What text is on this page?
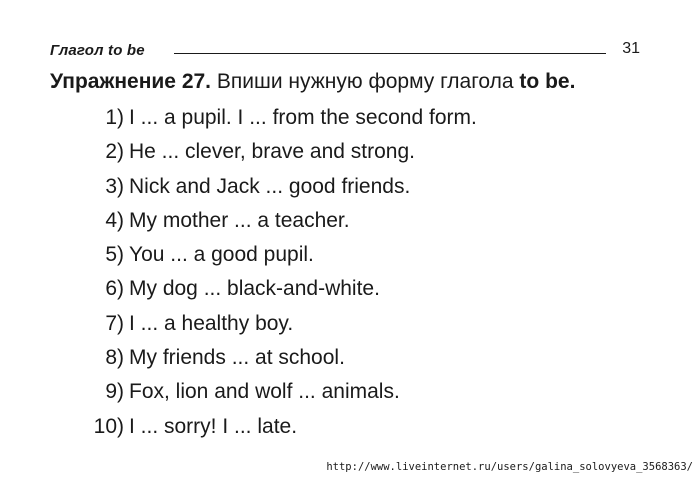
Глагол to be	31
Упражнение 27. Впиши нужную форму глагола to be.
1) I ... a pupil. I ... from the second form.
2) He ... clever, brave and strong.
3) Nick and Jack ... good friends.
4) My mother ... a teacher.
5) You ... a good pupil.
6) My dog ... black-and-white.
7) I ... a healthy boy.
8) My friends ... at school.
9) Fox, lion and wolf ... animals.
10) I ... sorry! I ... late.
http://www.liveinternet.ru/users/galina_solovyeva_3568363/
